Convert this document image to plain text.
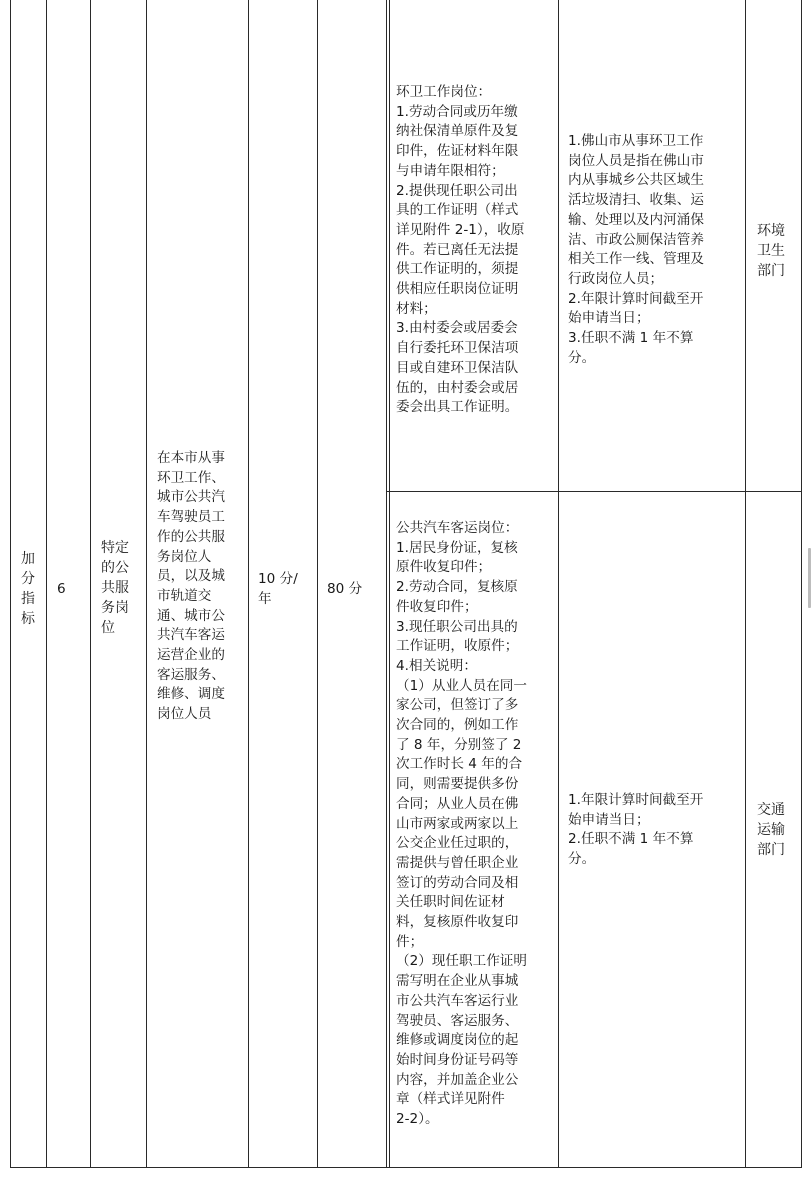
加
分
指
标
6
特定
的公
共服
务岗
位
在本市从事
环卫工作、
城市公共汽
车驾驶员工
作的公共服
务岗位人
员，以及城
市轨道交
通、城市公
共汽车客运
运营企业的
客运服务、
维修、调度
岗位人员
10 分/
年
80 分
环卫工作岗位：
1.劳动合同或历年缴
纳社保清单原件及复
印件，佐证材料年限
与申请年限相符；
2.提供现任职公司出
具的工作证明（样式
详见附件 2-1），收原
件。若已离任无法提
供工作证明的，须提
供相应任职岗位证明
材料；
3.由村委会或居委会
自行委托环卫保洁项
目或自建环卫保洁队
伍的，由村委会或居
委会出具工作证明。
1.佛山市从事环卫工作
岗位人员是指在佛山市
内从事城乡公共区域生
活垃圾清扫、收集、运
输、处理以及内河涌保
洁、市政公厕保洁管养
相关工作一线、管理及
行政岗位人员；
2.年限计算时间截至开
始申请当日；
3.任职不满 1 年不算
分。
环境
卫生
部门
公共汽车客运岗位：
1.居民身份证，复核
原件收复印件；
2.劳动合同，复核原
件收复印件；
3.现任职公司出具的
工作证明，收原件；
4.相关说明：
（1）从业人员在同一
家公司，但签订了多
次合同的，例如工作
了 8 年，分别签了 2
次工作时长 4 年的合
同，则需要提供多份
合同；从业人员在佛
山市两家或两家以上
公交企业任过职的，
需提供与曾任职企业
签订的劳动合同及相
关任职时间佐证材
料，复核原件收复印
件；
（2）现任职工作证明
需写明在企业从事城
市公共汽车客运行业
驾驶员、客运服务、
维修或调度岗位的起
始时间身份证号码等
内容，并加盖企业公
章（样式详见附件
2-2）。
1.年限计算时间截至开
始申请当日；
2.任职不满 1 年不算
分。
交通
运输
部门
